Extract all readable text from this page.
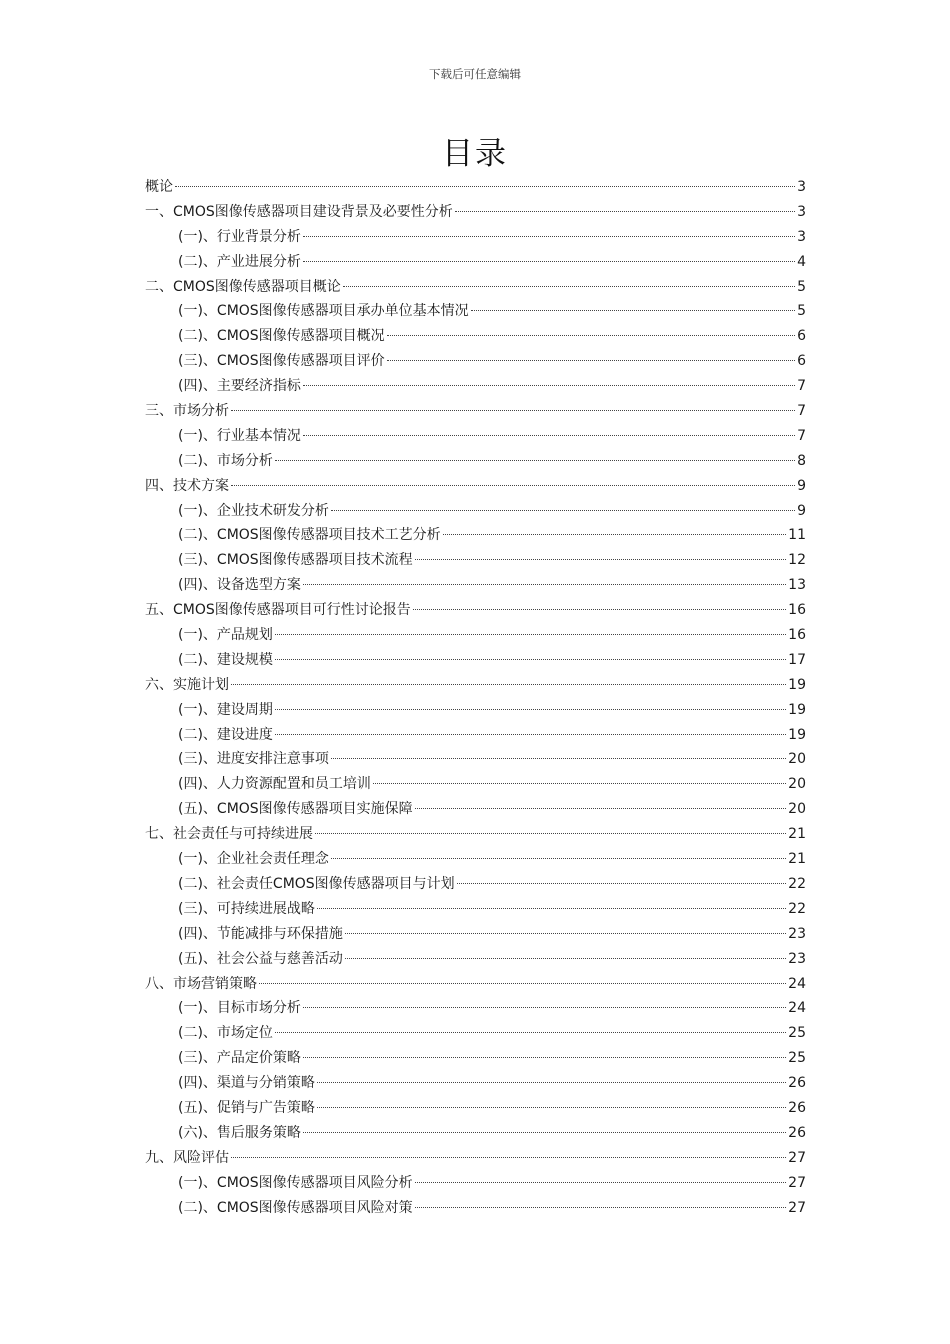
下载后可任意编辑
目录
概论	3
一、CMOS图像传感器项目建设背景及必要性分析	3
(一)、行业背景分析	3
(二)、产业进展分析	4
二、CMOS图像传感器项目概论	5
(一)、CMOS图像传感器项目承办单位基本情况	5
(二)、CMOS图像传感器项目概况	6
(三)、CMOS图像传感器项目评价	6
(四)、主要经济指标	7
三、市场分析	7
(一)、行业基本情况	7
(二)、市场分析	8
四、技术方案	9
(一)、企业技术研发分析	9
(二)、CMOS图像传感器项目技术工艺分析	11
(三)、CMOS图像传感器项目技术流程	12
(四)、设备选型方案	13
五、CMOS图像传感器项目可行性讨论报告	16
(一)、产品规划	16
(二)、建设规模	17
六、实施计划	19
(一)、建设周期	19
(二)、建设进度	19
(三)、进度安排注意事项	20
(四)、人力资源配置和员工培训	20
(五)、CMOS图像传感器项目实施保障	20
七、社会责任与可持续进展	21
(一)、企业社会责任理念	21
(二)、社会责任CMOS图像传感器项目与计划	22
(三)、可持续进展战略	22
(四)、节能减排与环保措施	23
(五)、社会公益与慈善活动	23
八、市场营销策略	24
(一)、目标市场分析	24
(二)、市场定位	25
(三)、产品定价策略	25
(四)、渠道与分销策略	26
(五)、促销与广告策略	26
(六)、售后服务策略	26
九、风险评估	27
(一)、CMOS图像传感器项目风险分析	27
(二)、CMOS图像传感器项目风险对策	27
